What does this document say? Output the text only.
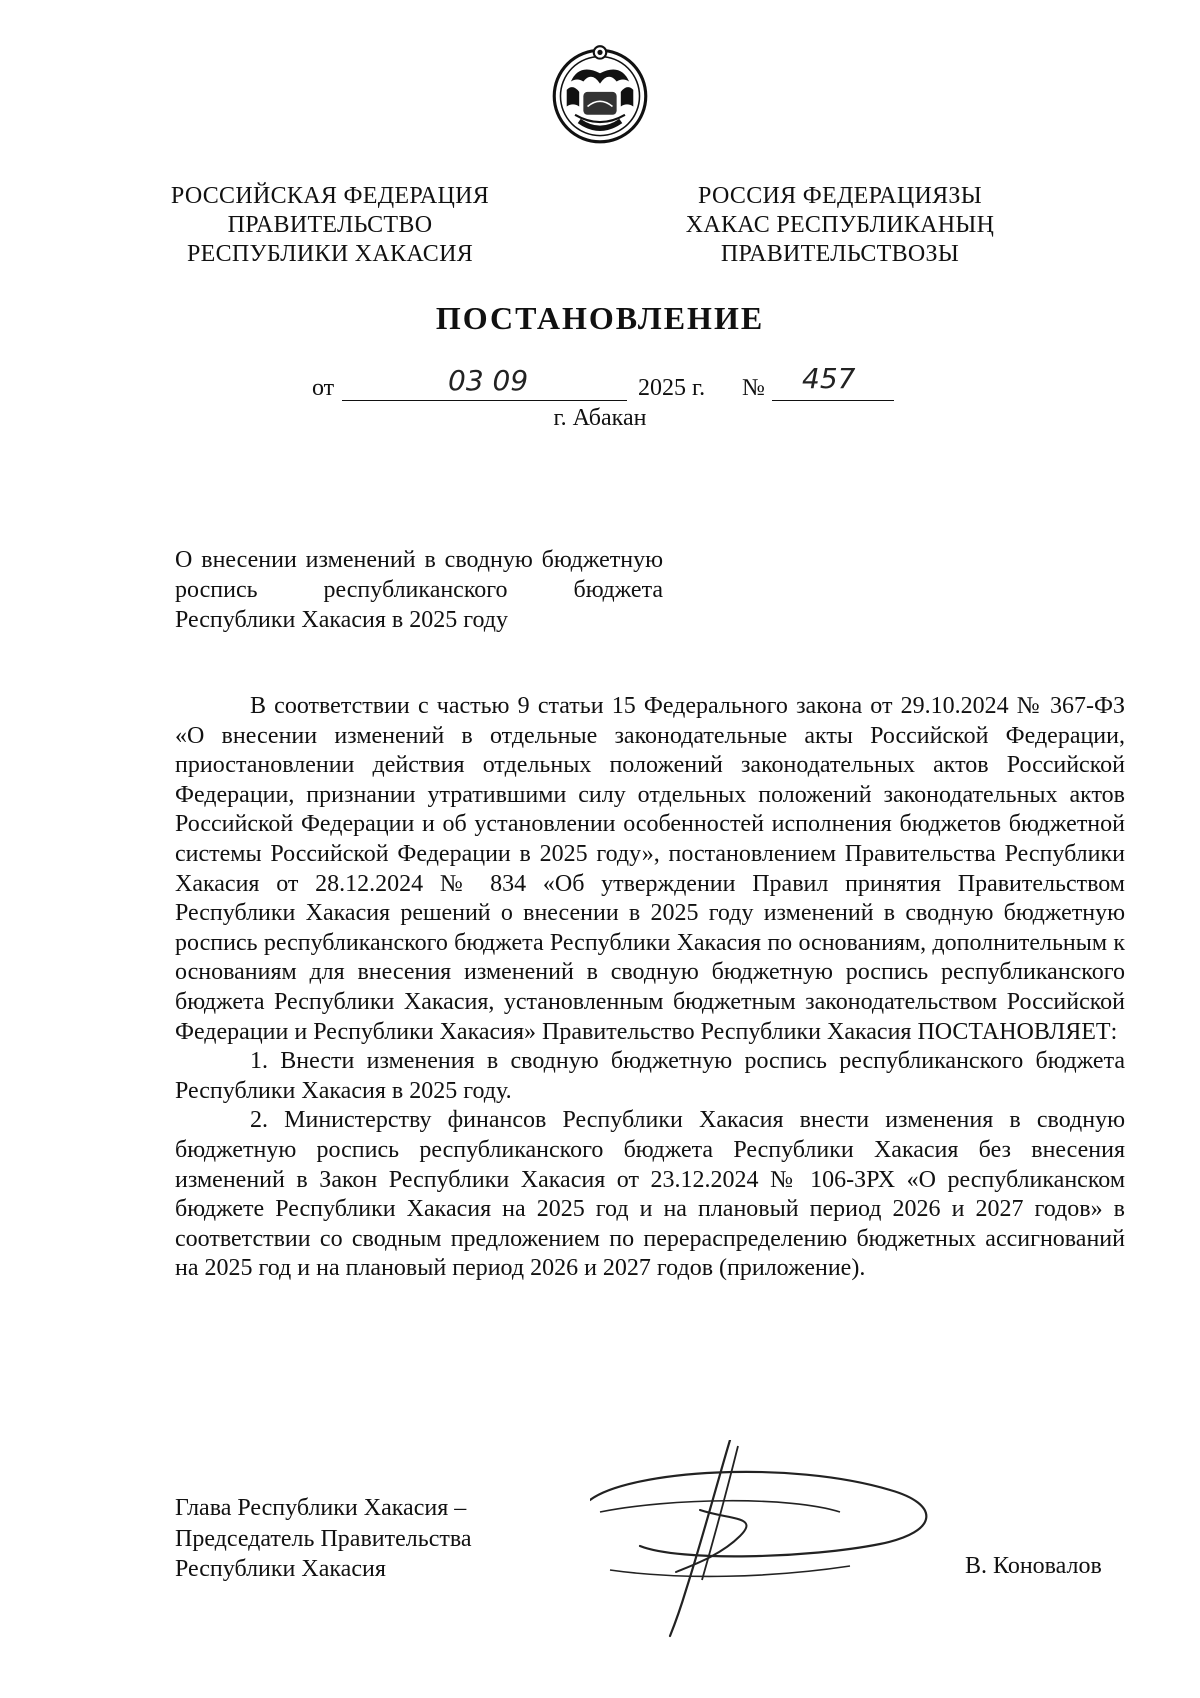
РОССИЙСКАЯ ФЕДЕРАЦИЯ
ПРАВИТЕЛЬСТВО
РЕСПУБЛИКИ ХАКАСИЯ
РОССИЯ ФЕДЕРАЦИЯЗЫ
ХАКАС РЕСПУБЛИКАНЫҢ
ПРАВИТЕЛЬСТВОЗЫ
ПОСТАНОВЛЕНИЕ
от	03 09	2025 г. № 457
г. Абакан
О внесении изменений в сводную бюджетную роспись республиканского бюджета Республики Хакасия в 2025 году

В соответствии с частью 9 статьи 15 Федерального закона от 29.10.2024 № 367-ФЗ «О внесении изменений в отдельные законодательные акты Российской Федерации, приостановлении действия отдельных положений законодательных актов Российской Федерации, признании утратившими силу отдельных положений законодательных актов Российской Федерации и об установлении особенностей исполнения бюджетов бюджетной системы Российской Федерации в 2025 году», постановлением Правительства Республики Хакасия от 28.12.2024 № 834 «Об утверждении Правил принятия Правительством Республики Хакасия решений о внесении в 2025 году изменений в сводную бюджетную роспись республиканского бюджета Республики Хакасия по основаниям, дополнительным к основаниям для внесения изменений в сводную бюджетную роспись республиканского бюджета Республики Хакасия, установленным бюджетным законодательством Российской Федерации и Республики Хакасия» Правительство Республики Хакасия ПОСТАНОВЛЯЕТ:

1. Внести изменения в сводную бюджетную роспись республиканского бюджета Республики Хакасия в 2025 году.

2. Министерству финансов Республики Хакасия внести изменения в сводную бюджетную роспись республиканского бюджета Республики Хакасия без внесения изменений в Закон Республики Хакасия от 23.12.2024 № 106-ЗРХ «О республиканском бюджете Республики Хакасия на 2025 год и на плановый период 2026 и 2027 годов» в соответствии со сводным предложением по перераспределению бюджетных ассигнований на 2025 год и на плановый период 2026 и 2027 годов (приложение).

Глава Республики Хакасия –
Председатель Правительства
Республики Хакасия	В. Коновалов
